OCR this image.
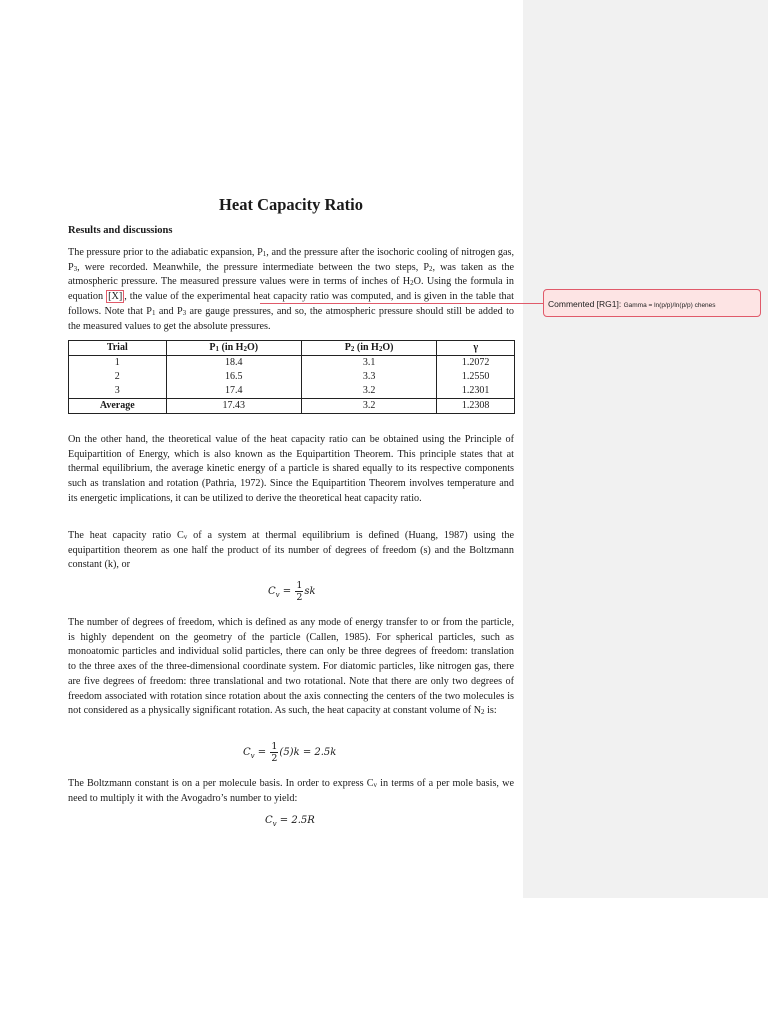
Commented [RG1]: Gamma = ln(p/p)/ln(p/p) chenes
Heat Capacity Ratio
Results and discussions

The pressure prior to the adiabatic expansion, $P_1$, and the pressure after the isochoric cooling of nitrogen gas, $P_3$, were recorded. Meanwhile, the pressure intermediate between the two steps, $P_2$, was taken as the atmospheric pressure. The measured pressure values were in terms of inches of $H_2O$. Using the formula in equation [X] , the value of the experimental heat capacity ratio was computed, and is given in the table that follows. Note that $P_1$ and $P_3$ are gauge pressures, and so, the atmospheric pressure should still be added to the measured values to get the absolute pressures.

Trial	$P_1$ (in $H_2O$)	$P_2$ (in $H_2O$)	γ
1	18.4	3.1	1.2072
2	16.5	3.3	1.2550
3	17.4	3.2	1.2301
Average	17.43	3.2	1.2308

On the other hand, the theoretical value of the heat capacity ratio can be obtained using the Principle of Equipartition of Energy, which is also known as the Equipartition Theorem. This principle states that at thermal equilibrium, the average kinetic energy of a particle is shared equally to its respective components such as translation and rotation (Pathria, 1972). Since the Equipartition Theorem involves temperature and its energetic implications, it can be utilized to derive the theoretical heat capacity ratio.

The heat capacity ratio $C_v$ of a system at thermal equilibrium is defined (Huang, 1987) using the equipartition theorem as one half the product of its number of degrees of freedom (s) and the Boltzmann constant (k), or

$C_v = \frac{1}{2}$ sk

The number of degrees of freedom, which is defined as any mode of energy transfer to or from the particle, is highly dependent on the geometry of the particle (Callen, 1985). For spherical particles, such as monoatomic particles and individual solid particles, there can only be three degrees of freedom: translation to the three axes of the three-dimensional coordinate system. For diatomic particles, like nitrogen gas, there are five degrees of freedom: three translational and two rotational. Note that there are only two degrees of freedom associated with rotation since rotation about the axis connecting the centers of the two molecules is not considered as a physically significant rotation. As such, the heat capacity at constant volume of $N_2$ is:

$C_v = \frac{1}{2} (5)k = 2.5k$

The Boltzmann constant is on a per molecule basis. In order to express $C_v$ in terms of a per mole basis, we need to multiply it with the Avogadro’s number to yield:

$C_v = 2.5R$
